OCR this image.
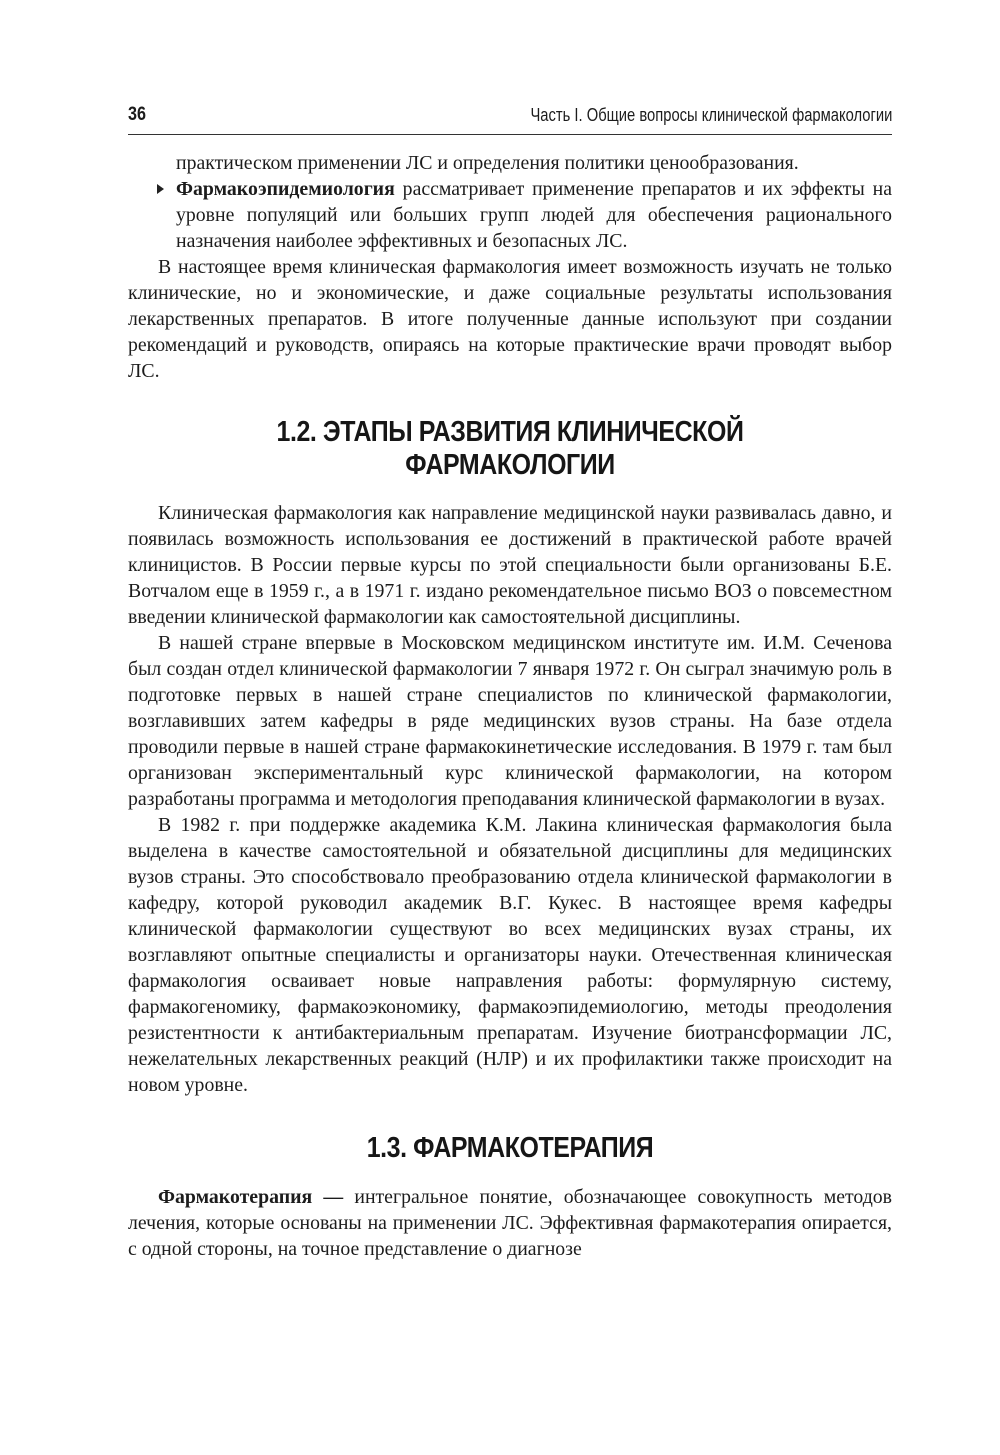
36	Часть I. Общие вопросы клинической фармакологии

практическом применении ЛС и определения политики ценообразования.

Фармакоэпидемиология рассматривает применение препаратов и их эффекты на уровне популяций или больших групп людей для обеспечения рационального назначения наиболее эффективных и безопасных ЛС.

В настоящее время клиническая фармакология имеет возможность изучать не только клинические, но и экономические, и даже социальные результаты использования лекарственных препаратов. В итоге полученные данные используют при создании рекомендаций и руководств, опираясь на которые практические врачи проводят выбор ЛС.

1.2. ЭТАПЫ РАЗВИТИЯ КЛИНИЧЕСКОЙ ФАРМАКОЛОГИИ

Клиническая фармакология как направление медицинской науки развивалась давно, и появилась возможность использования ее достижений в практической работе врачей клиницистов. В России первые курсы по этой специальности были организованы Б.Е. Вотчалом еще в 1959 г., а в 1971 г. издано рекомендательное письмо ВОЗ о повсеместном введении клинической фармакологии как самостоятельной дисциплины.

В нашей стране впервые в Московском медицинском институте им. И.М. Сеченова был создан отдел клинической фармакологии 7 января 1972 г. Он сыграл значимую роль в подготовке первых в нашей стране специалистов по клинической фармакологии, возглавивших затем кафедры в ряде медицинских вузов страны. На базе отдела проводили первые в нашей стране фармакокинетические исследования. В 1979 г. там был организован экспериментальный курс клинической фармакологии, на котором разработаны программа и методология преподавания клинической фармакологии в вузах.

В 1982 г. при поддержке академика К.М. Лакина клиническая фармакология была выделена в качестве самостоятельной и обязательной дисциплины для медицинских вузов страны. Это способствовало преобразованию отдела клинической фармакологии в кафедру, которой руководил академик В.Г. Кукес. В настоящее время кафедры клинической фармакологии существуют во всех медицинских вузах страны, их возглавляют опытные специалисты и организаторы науки. Отечественная клиническая фармакология осваивает новые направления работы: формулярную систему, фармакогеномику, фармакоэкономику, фармакоэпидемиологию, методы преодоления резистентности к антибактериальным препаратам. Изучение биотрансформации ЛС, нежелательных лекарственных реакций (НЛР) и их профилактики также происходит на новом уровне.

1.3. ФАРМАКОТЕРАПИЯ

Фармакотерапия — интегральное понятие, обозначающее совокупность методов лечения, которые основаны на применении ЛС. Эффективная фармакотерапия опирается, с одной стороны, на точное представление о диагнозе
